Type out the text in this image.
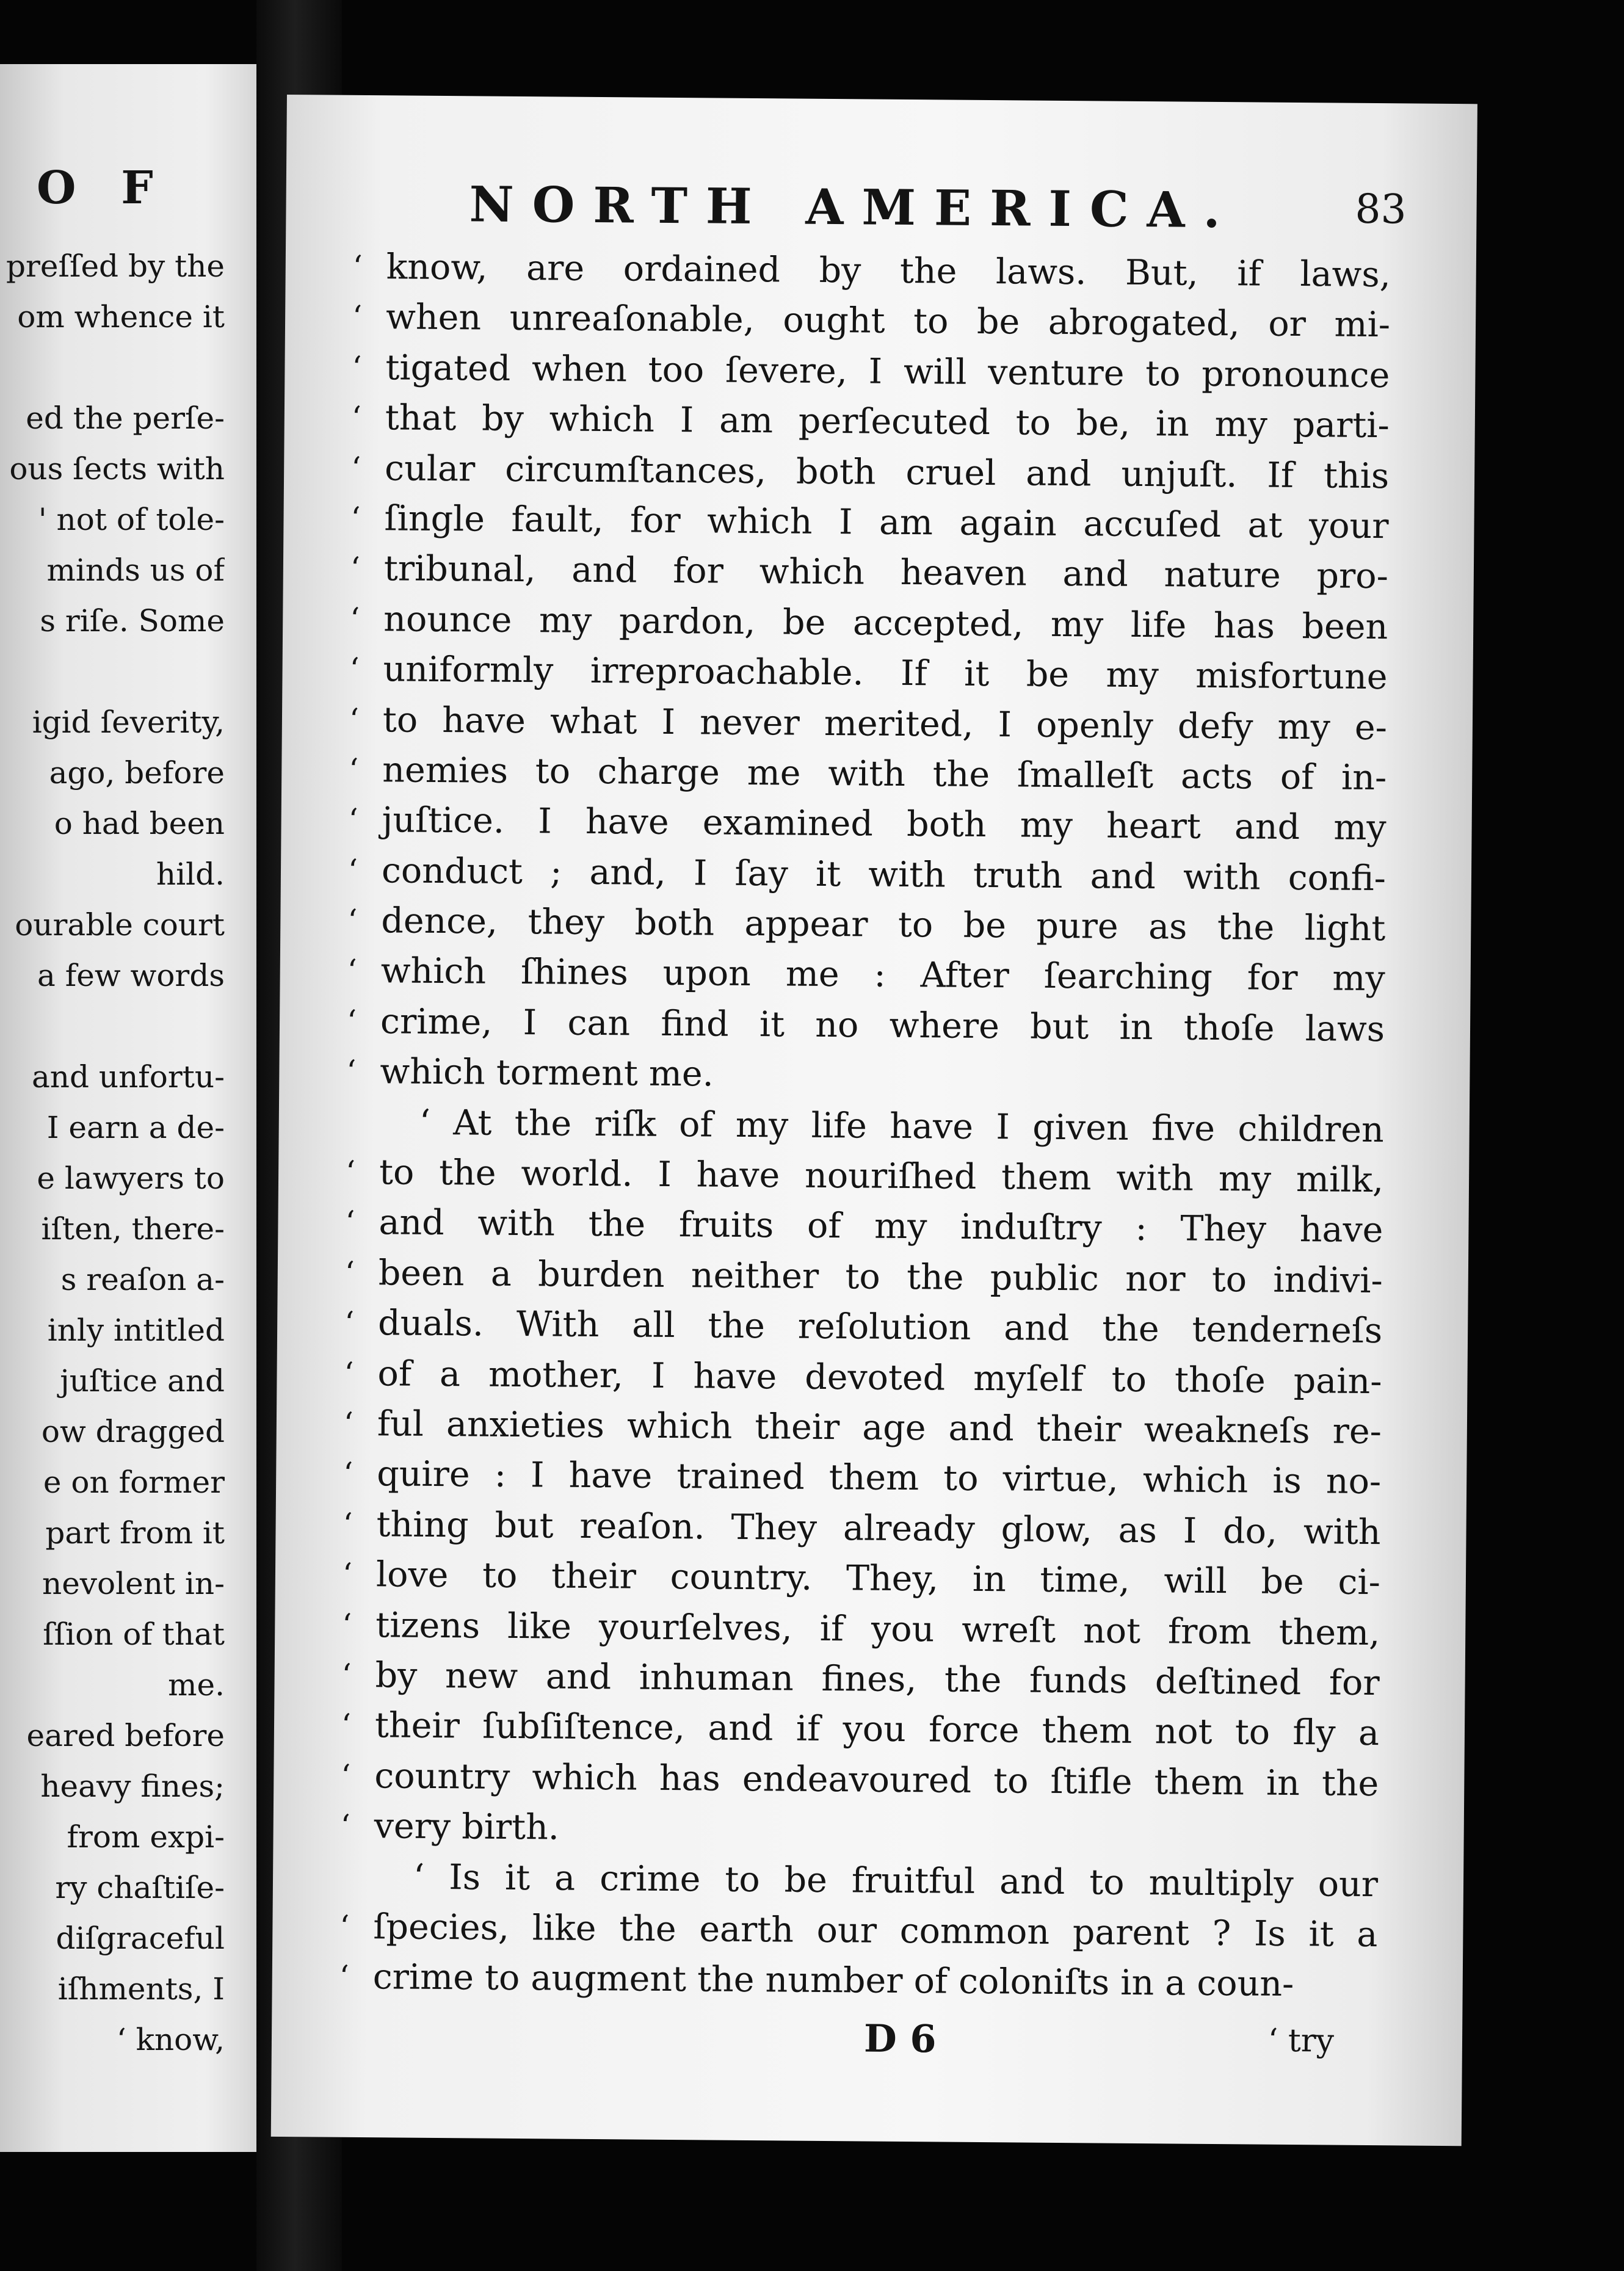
O F
preſſed by the
om whence it
ed the perſe-
ous ſects with
' not of tole-
minds us of
s riſe. Some
igid ſeverity,
ago, before
o had been
hild.
ourable court
a few words
and unfortu-
I earn a de-
e lawyers to
iſten, there-
s reaſon a-
inly intitled
juſtice and
ow dragged
e on former
part from it
nevolent in-
ſſion of that
me.
eared before
heavy fines;
from expi-
ry chaſtiſe-
diſgraceful
iſhments, I
‘ know,
NORTH AMERICA.	83
‘ know, are ordained by the laws. But, if laws,
‘ when unreaſonable, ought to be abrogated, or mi-
‘ tigated when too ſevere, I will venture to pronounce
‘ that by which I am perſecuted to be, in my parti-
‘ cular circumſtances, both cruel and unjuſt. If this
‘ ſingle fault, for which I am again accuſed at your
‘ tribunal, and for which heaven and nature pro-
‘ nounce my pardon, be accepted, my life has been
‘ uniformly irreproachable. If it be my misfortune
‘ to have what I never merited, I openly defy my e-
‘ nemies to charge me with the ſmalleſt acts of in-
‘ juſtice. I have examined both my heart and my
‘ conduct ; and, I ſay it with truth and with confi-
‘ dence, they both appear to be pure as the light
‘ which ſhines upon me : After ſearching for my
‘ crime, I can find it no where but in thoſe laws
‘ which torment me.
‘ At the riſk of my life have I given five children
‘ to the world. I have nouriſhed them with my milk,
‘ and with the fruits of my induſtry : They have
‘ been a burden neither to the public nor to indivi-
‘ duals. With all the reſolution and the tenderneſs
‘ of a mother, I have devoted myſelf to thoſe pain-
‘ ful anxieties which their age and their weakneſs re-
‘ quire : I have trained them to virtue, which is no-
‘ thing but reaſon. They already glow, as I do, with
‘ love to their country. They, in time, will be ci-
‘ tizens like yourſelves, if you wreſt not from them,
‘ by new and inhuman fines, the funds deſtined for
‘ their ſubſiſtence, and if you force them not to fly a
‘ country which has endeavoured to ſtifle them in the
‘ very birth.
‘ Is it a crime to be fruitful and to multiply our
‘ ſpecies, like the earth our common parent ? Is it a
‘ crime to augment the number of coloniſts in a coun-
D 6	‘ try
